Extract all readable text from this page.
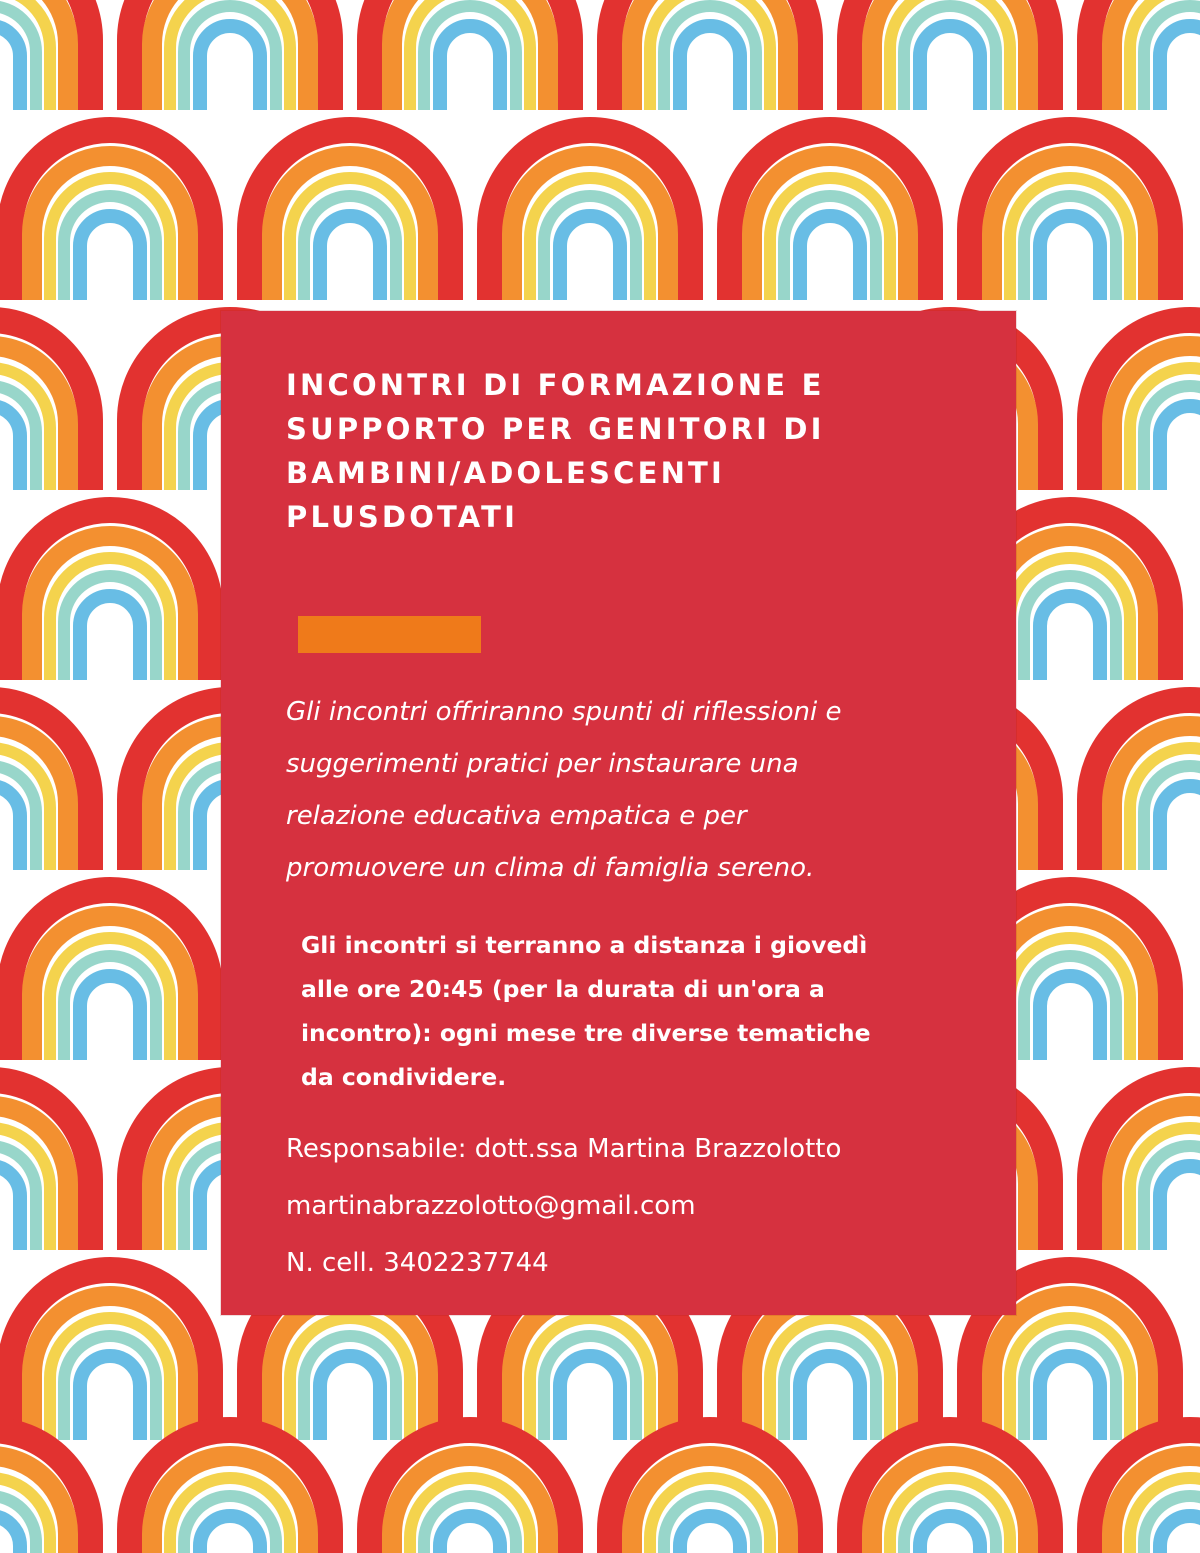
INCONTRI DI FORMAZIONE E
SUPPORTO PER GENITORI DI
BAMBINI/ADOLESCENTI
PLUSDOTATI

Gli incontri offriranno spunti di riflessioni e
suggerimenti pratici per instaurare una
relazione educativa empatica e per
promuovere un clima di famiglia sereno.

Gli incontri si terranno a distanza i giovedì
alle ore 20:45 (per la durata di un'ora a
incontro): ogni mese tre diverse tematiche
da condividere.

Responsabile: dott.ssa Martina Brazzolotto
martinabrazzolotto@gmail.com
N. cell. 3402237744
